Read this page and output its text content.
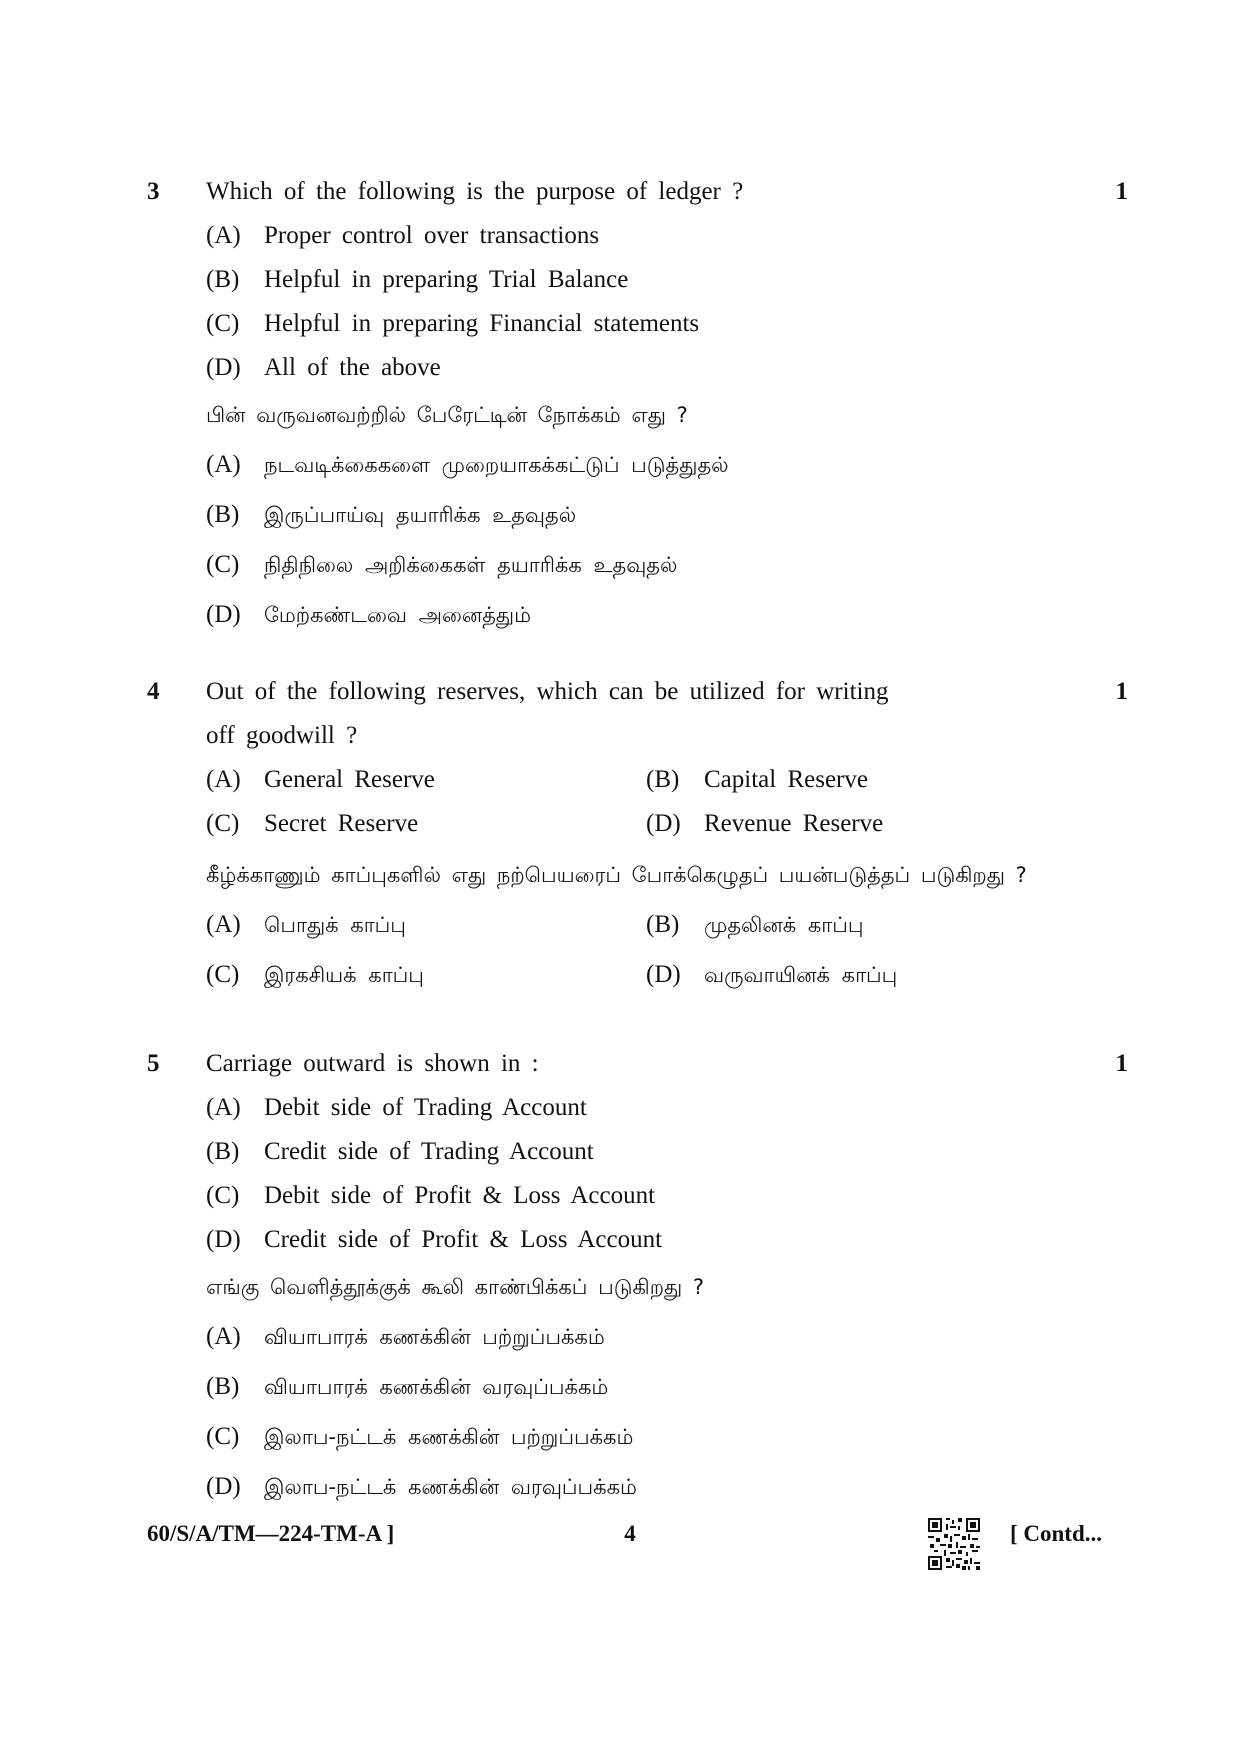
3	Which of the following is the purpose of ledger ?	1
(A) Proper control over transactions
(B) Helpful in preparing Trial Balance
(C) Helpful in preparing Financial statements
(D) All of the above
பின் வருவனவற்றில் பேரேட்டின் நோக்கம் எது ?
(A) நடவடிக்கைகளை முறையாகக்கட்டுப் படுத்துதல்
(B) இருப்பாய்வு தயாரிக்க உதவுதல்
(C) நிதிநிலை அறிக்கைகள் தயாரிக்க உதவுதல்
(D) மேற்கண்டவை அனைத்தும்
4	Out of the following reserves, which can be utilized for writing
off goodwill ?
1
(A) General Reserve	(B) Capital Reserve
(C) Secret Reserve	(D) Revenue Reserve
கீழ்க்காணும் காப்புகளில் எது நற்பெயரைப் போக்கெழுதப் பயன்படுத்தப் படுகிறது ?
(A) பொதுக் காப்பு	(B) முதலினக் காப்பு
(C) இரகசியக் காப்பு	(D) வருவாயினக் காப்பு
5	Carriage outward is shown in :	1
(A) Debit side of Trading Account
(B) Credit side of Trading Account
(C) Debit side of Profit & Loss Account
(D) Credit side of Profit & Loss Account
எங்கு வெளித்தூக்குக் கூலி காண்பிக்கப் படுகிறது ?
(A) வியாபாரக் கணக்கின் பற்றுப்பக்கம்
(B) வியாபாரக் கணக்கின் வரவுப்பக்கம்
(C) இலாப-நட்டக் கணக்கின் பற்றுப்பக்கம்
(D) இலாப-நட்டக் கணக்கின் வரவுப்பக்கம்
60/S/A/TM—224-TM-A ]	4	[ Contd...
